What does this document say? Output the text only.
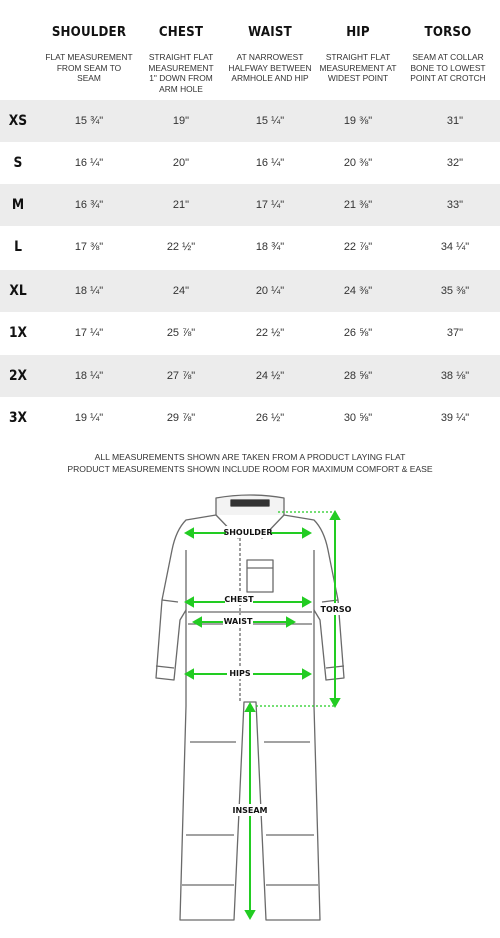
SHOULDER
FLAT MEASUREMENT
FROM SEAM TO
SEAM
CHEST
STRAIGHT FLAT
MEASUREMENT
1" DOWN FROM
ARM HOLE
WAIST
AT NARROWEST
HALFWAY BETWEEN
ARMHOLE AND HIP
HIP
STRAIGHT FLAT
MEASUREMENT AT
WIDEST POINT
TORSO
SEAM AT COLLAR
BONE TO LOWEST
POINT AT CROTCH
XS	15 ¾"	19"	15 ¼"	19 ⅜"	31"
S	16 ¼"	20"	16 ¼"	20 ⅜"	32"
M	16 ¾"	21"	17 ¼"	21 ⅜"	33"
L	17 ⅜"	22 ½"	18 ¾"	22 ⅞"	34 ¼"
XL	18 ¼"	24"	20 ¼"	24 ⅜"	35 ⅜"
1X	17 ¼"	25 ⅞"	22 ½"	26 ⅝"	37"
2X	18 ¼"	27 ⅞"	24 ½"	28 ⅝"	38 ⅛"
3X	19 ¼"	29 ⅞"	26 ½"	30 ⅝"	39 ¼"
ALL MEASUREMENTS SHOWN ARE TAKEN FROM A PRODUCT LAYING FLAT
PRODUCT MEASUREMENTS SHOWN INCLUDE ROOM FOR MAXIMUM COMFORT & EASE
SHOULDER
CHEST
WAIST
HIPS
TORSO
INSEAM
